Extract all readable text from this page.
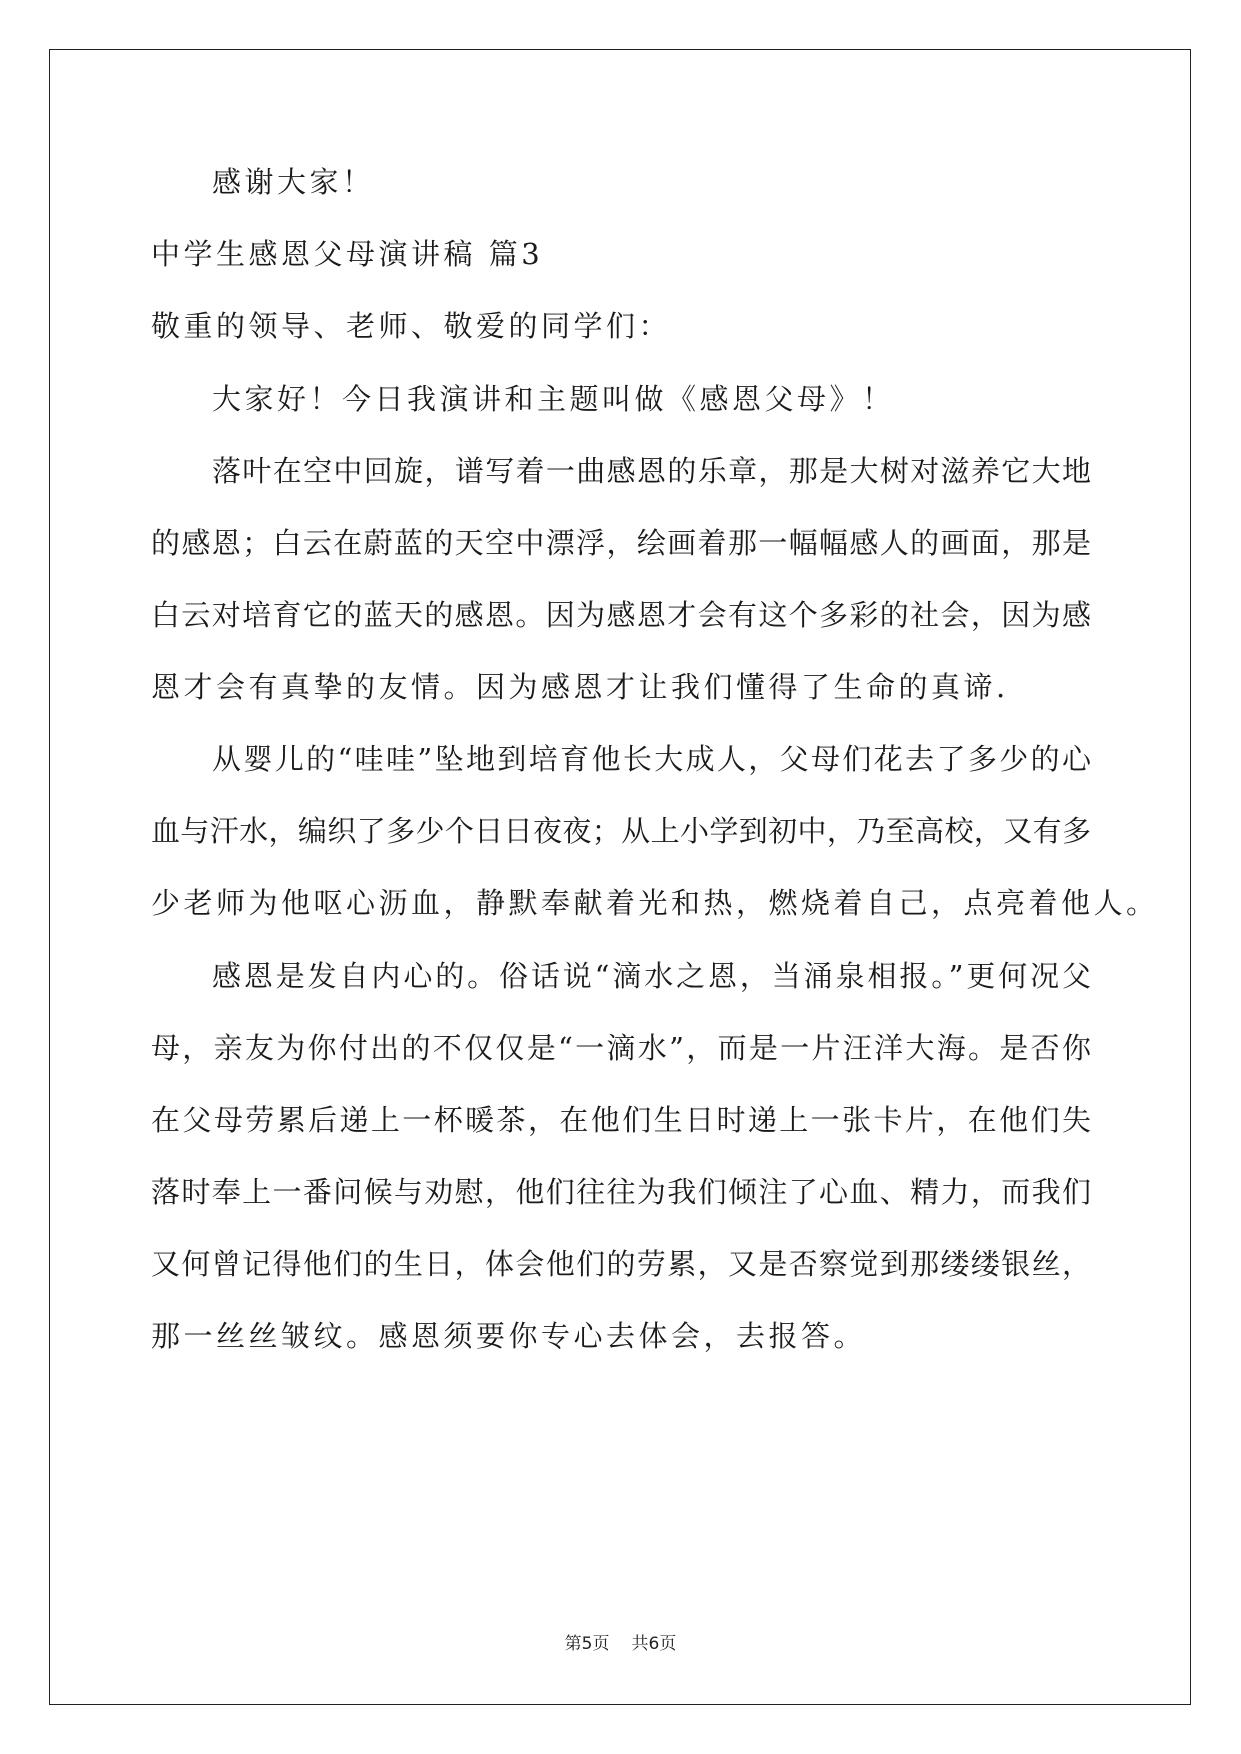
感谢大家！
中学生感恩父母演讲稿 篇3
敬重的领导、老师、敬爱的同学们：
大家好！今日我演讲和主题叫做《感恩父母》！
落叶在空中回旋，谱写着一曲感恩的乐章，那是大树对滋养它大地
的感恩；白云在蔚蓝的天空中漂浮，绘画着那一幅幅感人的画面，那是
白云对培育它的蓝天的感恩。因为感恩才会有这个多彩的社会，因为感
恩才会有真挚的友情。因为感恩才让我们懂得了生命的真谛.
从婴儿的“哇哇”坠地到培育他长大成人，父母们花去了多少的心
血与汗水，编织了多少个日日夜夜；从上小学到初中，乃至高校，又有多
少老师为他呕心沥血，静默奉献着光和热，燃烧着自己，点亮着他人。
感恩是发自内心的。俗话说“滴水之恩，当涌泉相报。”更何况父
母，亲友为你付出的不仅仅是“一滴水”，而是一片汪洋大海。是否你
在父母劳累后递上一杯暖茶，在他们生日时递上一张卡片，在他们失
落时奉上一番问候与劝慰，他们往往为我们倾注了心血、精力，而我们
又何曾记得他们的生日，体会他们的劳累，又是否察觉到那缕缕银丝，
那一丝丝皱纹。感恩须要你专心去体会，去报答。
第5页 共6页
